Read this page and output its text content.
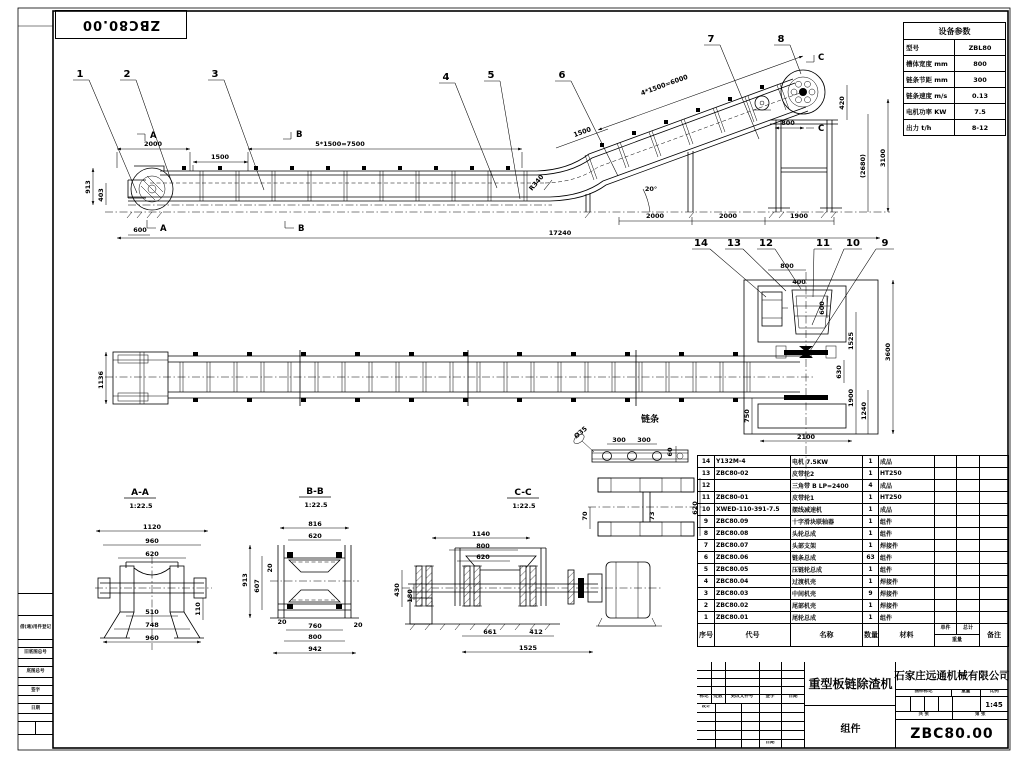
A
A
B
B
C
C
2000
1500
5*1500=7500
913
403
600	17240
4*1500=6000
1500
R340	20°
2000	2000	1900
800
420
3100
(2680)
1	2	3	4	5	6
7	8
1136
800
400
600
1525
3600
630
1900
1240
750
2100
14 13 12	11 10 9
A-A
1:22.5
1120
960
620
510
748
960
110
B-B
1:22.5
816
620
913 607
20
20	20
760
800
942
C-C
1:22.5
1140
800
620
430 180
661	412
1525
链条
300 300
60
Ø35
70	73
620
ZBC80.00	设备参数	
型号	ZBL80
槽体宽度 mm	800
链条节距 mm	300
链条速度 m/s	0.13
电机功率 KW	7.5
出力 t/h	8-12
14	Y132M-4	电机 7.5KW	1	成品			
13	ZBC80-02	皮带轮2	1	HT250			
12		三角带 B LP=2400	4	成品			
11	ZBC80-01	皮带轮1	1	HT250			
10	XWED-110-391-7.5	摆线减速机	1	成品			
9	ZBC80.09	十字滑块联轴器	1	组件			
8	ZBC80.08	头轮总成	1	组件			
7	ZBC80.07	头部支架	1	焊接件			
6	ZBC80.06	链条总成	63	组件			
5	ZBC80.05	压链轮总成	1	组件			
4	ZBC80.04	过渡机壳	1	焊接件			
3	ZBC80.03	中间机壳	9	焊接件			
2	ZBC80.02	尾部机壳	1	焊接件			
1	ZBC80.01	尾轮总成	1	组件			
序号	代号	名称	数量	材料	单件 总计
重量		备注
标记	处数	更改文件号	签字	日期
设计
日期
重型板链除渣机
组件
石家庄远通机械有限公司
图样标记	重量	比例
1:45
共 张	第 张
ZBC80.00
借(通)用件登记
旧底图总号
底图总号
签字
日期
